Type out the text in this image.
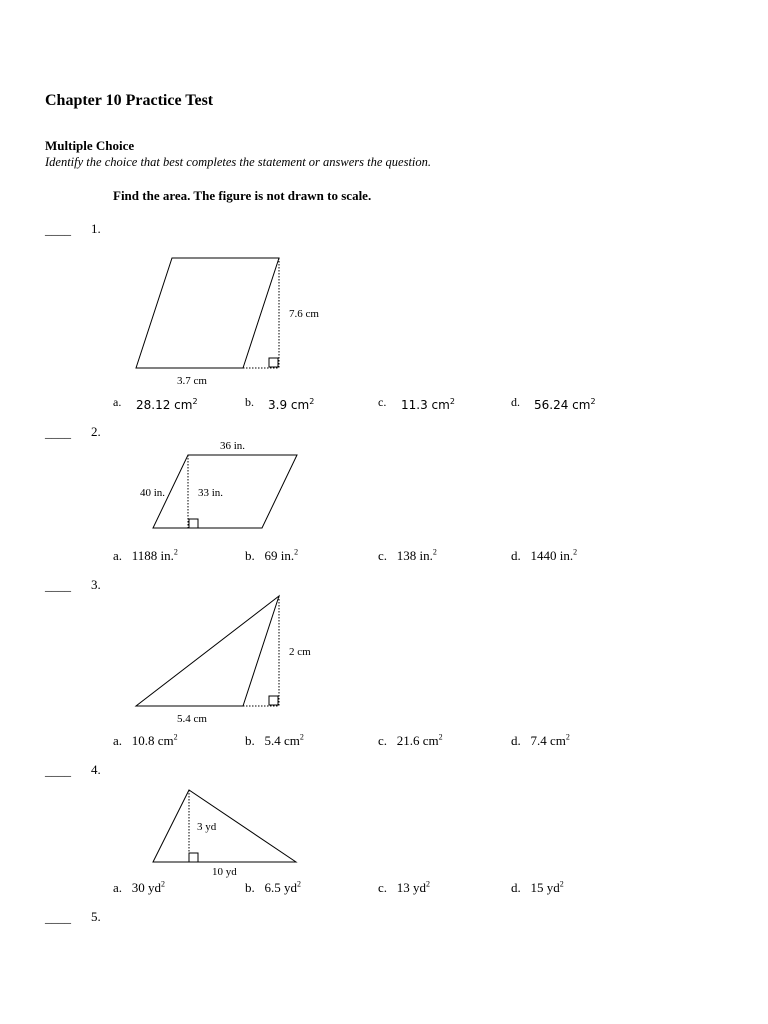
Chapter 10 Practice Test
Multiple Choice
Identify the choice that best completes the statement or answers the question.
Find the area. The figure is not drawn to scale.
____ 1.
____ 2.
____ 3.
____ 4.
____ 5.
7.6 cm
3.7 cm
36 in.
40 in.	33 in.
2 cm
5.4 cm
3 yd
10 yd
a. 28.12 $cm^2$	b. 3.9 $cm^2$	c. 11.3 $cm^2$	d. 56.24 $cm^2$
a. 1188 in.$^2$	b. 69 in.$^2$	c. 138 in.$^2$	d. 1440 in.$^2$
a. 10.8 $cm^2$	b. 5.4 $cm^2$	c. 21.6 $cm^2$	d. 7.4 $cm^2$
a. 30 $yd^2$	b. 6.5 $yd^2$	c. 13 $yd^2$	d. 15 $yd^2$
